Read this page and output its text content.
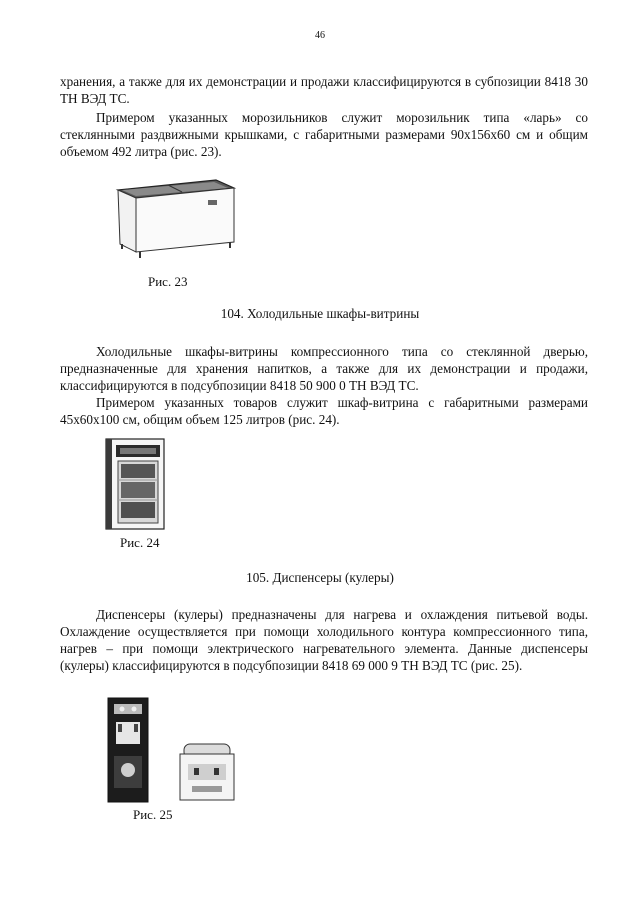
46

хранения, а также для их демонстрации и продажи классифицируются в субпозиции 8418 30 ТН ВЭД ТС.

Примером указанных морозильников служит морозильник типа «ларь» со стеклянными раздвижными крышками, с габаритными размерами 90x156x60 см и общим объемом 492 литра (рис. 23).

Рис. 23
104. Холодильные шкафы-витрины

Холодильные шкафы-витрины компрессионного типа со стеклянной дверью, предназначенные для хранения напитков, а также для их демонстрации и продажи, классифицируются в подсубпозиции 8418 50 900 0 ТН ВЭД ТС.

Примером указанных товаров служит шкаф-витрина с габаритными размерами 45x60x100 см, общим объем 125 литров (рис. 24).

Рис. 24
105. Диспенсеры (кулеры)

Диспенсеры (кулеры) предназначены для нагрева и охлаждения питьевой воды. Охлаждение осуществляется при помощи холодильного контура компрессионного типа, нагрев – при помощи электрического нагревательного элемента. Данные диспенсеры (кулеры) классифицируются в подсубпозиции 8418 69 000 9 ТН ВЭД ТС (рис. 25).

Рис. 25
